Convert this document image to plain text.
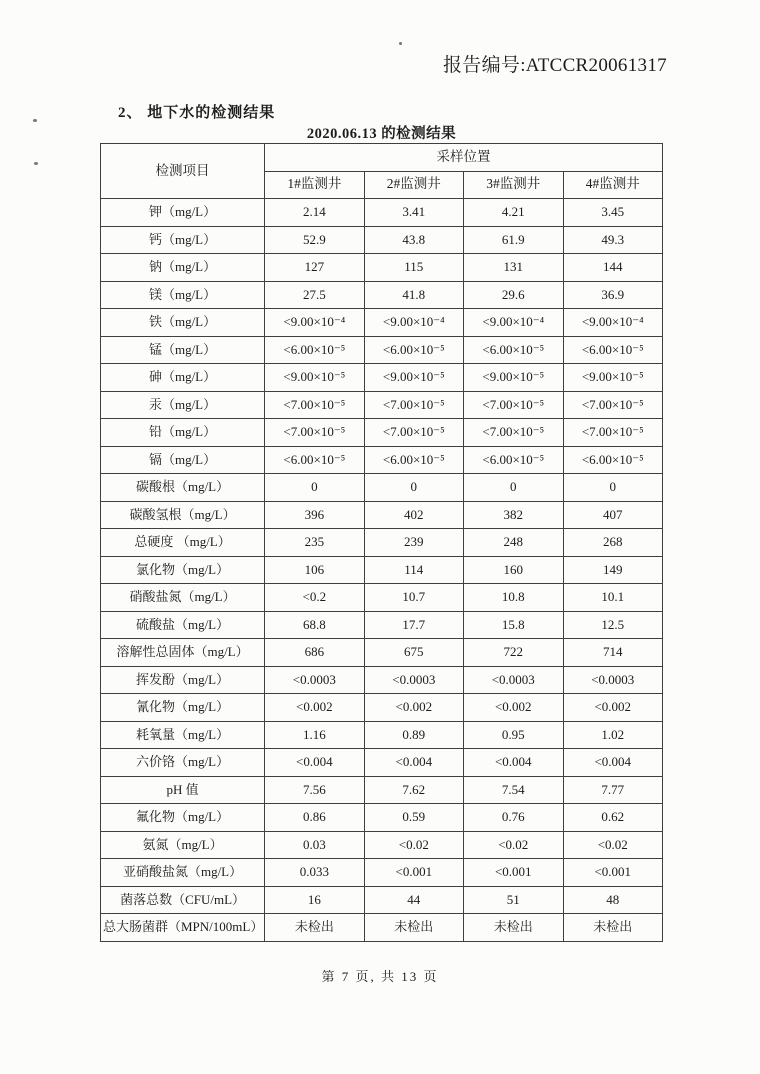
报告编号:ATCCR20061317
2、 地下水的检测结果
2020.06.13 的检测结果
检测项目	采样位置			
	1#监测井	2#监测井	3#监测井	4#监测井
钾（mg/L）	2.14	3.41	4.21	3.45
钙（mg/L）	52.9	43.8	61.9	49.3
钠（mg/L）	127	115	131	144
镁（mg/L）	27.5	41.8	29.6	36.9
铁（mg/L）	<9.00×10⁻⁴	<9.00×10⁻⁴	<9.00×10⁻⁴	<9.00×10⁻⁴
锰（mg/L）	<6.00×10⁻⁵	<6.00×10⁻⁵	<6.00×10⁻⁵	<6.00×10⁻⁵
砷（mg/L）	<9.00×10⁻⁵	<9.00×10⁻⁵	<9.00×10⁻⁵	<9.00×10⁻⁵
汞（mg/L）	<7.00×10⁻⁵	<7.00×10⁻⁵	<7.00×10⁻⁵	<7.00×10⁻⁵
铅（mg/L）	<7.00×10⁻⁵	<7.00×10⁻⁵	<7.00×10⁻⁵	<7.00×10⁻⁵
镉（mg/L）	<6.00×10⁻⁵	<6.00×10⁻⁵	<6.00×10⁻⁵	<6.00×10⁻⁵
碳酸根（mg/L）	0	0	0	0
碳酸氢根（mg/L）	396	402	382	407
总硬度 （mg/L）	235	239	248	268
氯化物（mg/L）	106	114	160	149
硝酸盐氮（mg/L）	<0.2	10.7	10.8	10.1
硫酸盐（mg/L）	68.8	17.7	15.8	12.5
溶解性总固体（mg/L）	686	675	722	714
挥发酚（mg/L）	<0.0003	<0.0003	<0.0003	<0.0003
氰化物（mg/L）	<0.002	<0.002	<0.002	<0.002
耗氧量（mg/L）	1.16	0.89	0.95	1.02
六价铬（mg/L）	<0.004	<0.004	<0.004	<0.004
pH 值	7.56	7.62	7.54	7.77
氟化物（mg/L）	0.86	0.59	0.76	0.62
氨氮（mg/L）	0.03	<0.02	<0.02	<0.02
亚硝酸盐氮（mg/L）	0.033	<0.001	<0.001	<0.001
菌落总数（CFU/mL）	16	44	51	48
总大肠菌群（MPN/100mL）	未检出	未检出	未检出	未检出
第 7 页, 共 13 页
